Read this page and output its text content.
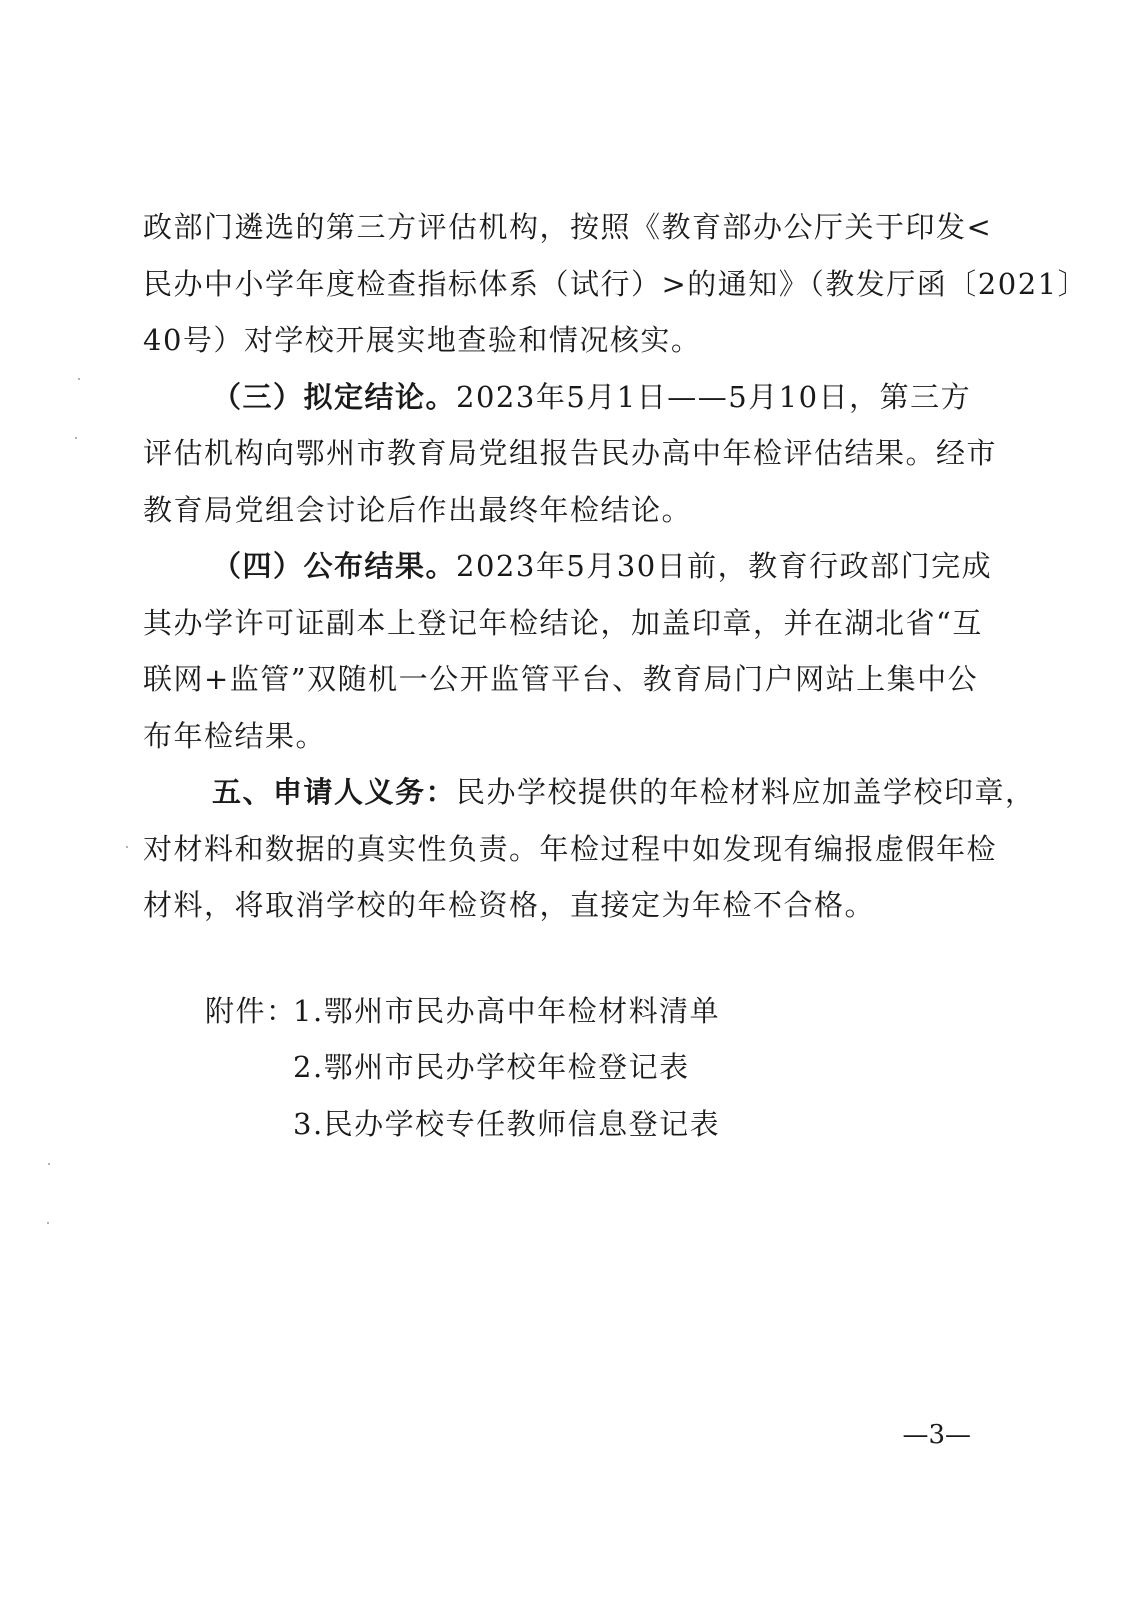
政部门遴选的第三方评估机构，按照《教育部办公厅关于印发<
民办中小学年度检查指标体系（试行）>的通知》（教发厅函〔2021〕
40号）对学校开展实地查验和情况核实。
（三）拟定结论。2023年5月1日——5月10日，第三方
评估机构向鄂州市教育局党组报告民办高中年检评估结果。经市
教育局党组会讨论后作出最终年检结论。
（四）公布结果。2023年5月30日前，教育行政部门完成
其办学许可证副本上登记年检结论，加盖印章，并在湖北省“互
联网+监管”双随机一公开监管平台、教育局门户网站上集中公
布年检结果。
五、申请人义务：民办学校提供的年检材料应加盖学校印章，
对材料和数据的真实性负责。年检过程中如发现有编报虚假年检
材料，将取消学校的年检资格，直接定为年检不合格。
附件：
1.鄂州市民办高中年检材料清单
2.鄂州市民办学校年检登记表
3.民办学校专任教师信息登记表
—3—
